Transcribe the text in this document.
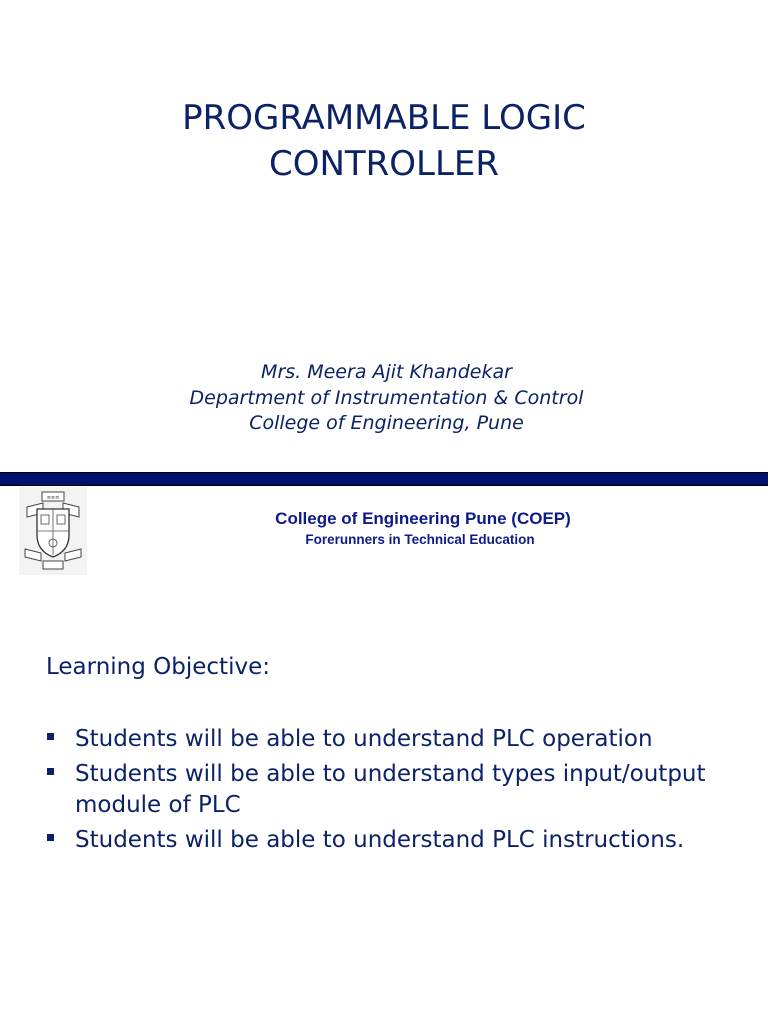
PROGRAMMABLE LOGIC
CONTROLLER
Mrs. Meera Ajit Khandekar
Department of Instrumentation & Control
College of Engineering, Pune
≡≡≡
College of Engineering Pune (COEP)
Forerunners in Technical Education
Learning Objective:
Students will be able to understand PLC operation
Students will be able to understand types input/output module of PLC
Students will be able to understand PLC instructions.
